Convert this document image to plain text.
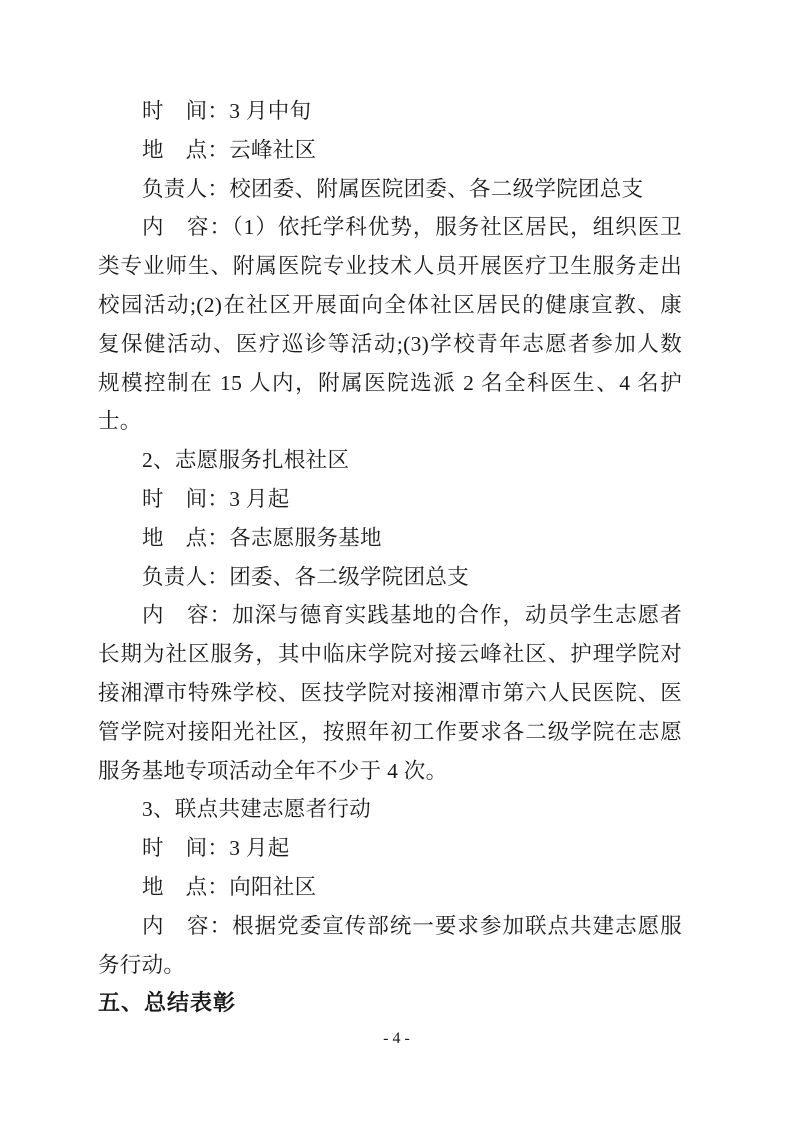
时　间：3 月中旬
地　点：云峰社区
负责人：校团委、附属医院团委、各二级学院团总支
内　容：（1）依托学科优势，服务社区居民，组织医卫
类专业师生、附属医院专业技术人员开展医疗卫生服务走出
校园活动;(2)在社区开展面向全体社区居民的健康宣教、康
复保健活动、医疗巡诊等活动;(3)学校青年志愿者参加人数
规模控制在 15 人内，附属医院选派 2 名全科医生、4 名护
士。
2、志愿服务扎根社区
时　间：3 月起
地　点：各志愿服务基地
负责人：团委、各二级学院团总支
内　容：加深与德育实践基地的合作，动员学生志愿者
长期为社区服务，其中临床学院对接云峰社区、护理学院对
接湘潭市特殊学校、医技学院对接湘潭市第六人民医院、医
管学院对接阳光社区，按照年初工作要求各二级学院在志愿
服务基地专项活动全年不少于 4 次。
3、联点共建志愿者行动
时　间：3 月起
地　点：向阳社区
内　容：根据党委宣传部统一要求参加联点共建志愿服
务行动。
五、总结表彰
- 4 -
